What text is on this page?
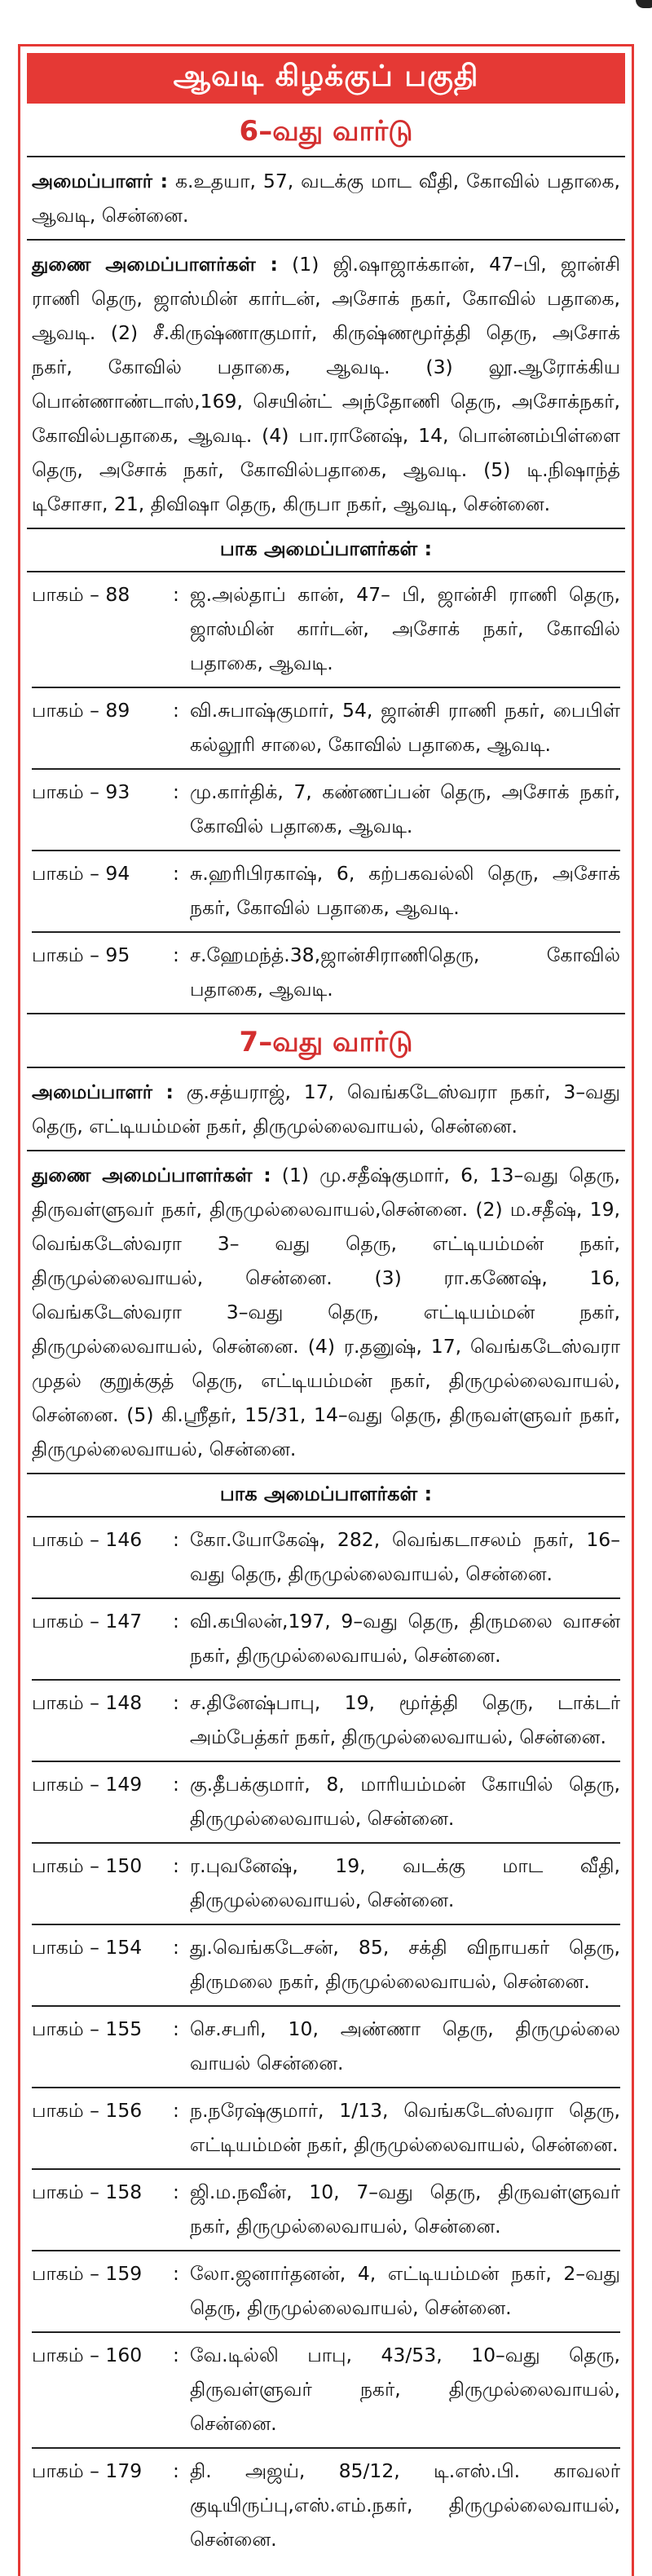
ஆவடி கிழக்குப் பகுதி
6–வது வார்டு

அமைப்பாளர் : க.உதயா, 57, வடக்கு மாட வீதி, கோவில் பதாகை, ஆவடி, சென்னை.

துணை அமைப்பாளர்கள் : (1) ஜி.ஷாஜாக்கான், 47–பி, ஜான்சி ராணி தெரு, ஜாஸ்மின் கார்டன், அசோக் நகர், கோவில் பதாகை, ஆவடி. (2) சீ.கிருஷ்ணாகுமார், கிருஷ்ணமூர்த்தி தெரு, அசோக் நகர், கோவில் பதாகை, ஆவடி. (3) லூ.ஆரோக்கிய பொன்ணாண்டாஸ்,169, செயின்ட் அந்தோணி தெரு, அசோக்நகர், கோவில்பதாகை, ஆவடி. (4) பா.ரானேஷ், 14, பொன்னம்பிள்ளை தெரு, அசோக் நகர், கோவில்பதாகை, ஆவடி. (5) டி.நிஷாந்த் டிசோசா, 21, திவிஷா தெரு, கிருபா நகர், ஆவடி, சென்னை.

பாக அமைப்பாளர்கள் :
பாகம் – 88	: ஜ.அல்தாப் கான், 47– பி, ஜான்சி ராணி தெரு, ஜாஸ்மின் கார்டன், அசோக் நகர், கோவில் பதாகை, ஆவடி.
பாகம் – 89	: வி.சுபாஷ்குமார், 54, ஜான்சி ராணி நகர், பைபிள் கல்லூரி சாலை, கோவில் பதாகை, ஆவடி.
பாகம் – 93	: மு.கார்திக், 7, கண்ணப்பன் தெரு, அசோக் நகர், கோவில் பதாகை, ஆவடி.
பாகம் – 94	: சு.ஹரிபிரகாஷ், 6, கற்பகவல்லி தெரு, அசோக் நகர், கோவில் பதாகை, ஆவடி.
பாகம் – 95	: ச.ஹேமந்த்.38,ஜான்சிராணிதெரு, கோவில் பதாகை, ஆவடி.
7–வது வார்டு

அமைப்பாளர் : கு.சத்யராஜ், 17, வெங்கடேஸ்வரா நகர், 3–வது தெரு, எட்டியம்மன் நகர், திருமுல்லைவாயல், சென்னை.

துணை அமைப்பாளர்கள் : (1) மு.சதீஷ்குமார், 6, 13–வது தெரு, திருவள்ளுவர் நகர், திருமுல்லைவாயல்,சென்னை. (2) ம.சதீஷ், 19, வெங்கடேஸ்வரா 3– வது தெரு, எட்டியம்மன் நகர், திருமுல்லைவாயல், சென்னை. (3) ரா.கணேஷ், 16, வெங்கடேஸ்வரா 3–வது தெரு, எட்டியம்மன் நகர், திருமுல்லைவாயல், சென்னை. (4) ர.தனுஷ், 17, வெங்கடேஸ்வரா முதல் குறுக்குத் தெரு, எட்டியம்மன் நகர், திருமுல்லைவாயல், சென்னை. (5) கி.ஸ்ரீதர், 15/31, 14–வது தெரு, திருவள்ளுவர் நகர், திருமுல்லைவாயல், சென்னை.

பாக அமைப்பாளர்கள் :
பாகம் – 146	: கோ.யோகேஷ், 282, வெங்கடாசலம் நகர், 16–வது தெரு, திருமுல்லைவாயல், சென்னை.
பாகம் – 147	: வி.கபிலன்,197, 9–வது தெரு, திருமலை வாசன் நகர், திருமுல்லைவாயல், சென்னை.
பாகம் – 148	: ச.தினேஷ்பாபு, 19, மூர்த்தி தெரு, டாக்டர் அம்பேத்கர் நகர், திருமுல்லைவாயல், சென்னை.
பாகம் – 149	: கு.தீபக்குமார், 8, மாரியம்மன் கோயில் தெரு, திருமுல்லைவாயல், சென்னை.
பாகம் – 150	: ர.புவனேஷ், 19, வடக்கு மாட வீதி, திருமுல்லைவாயல், சென்னை.
பாகம் – 154	: து.வெங்கடேசன், 85, சக்தி விநாயகர் தெரு, திருமலை நகர், திருமுல்லைவாயல், சென்னை.
பாகம் – 155	: செ.சபரி, 10, அண்ணா தெரு, திருமுல்லை வாயல் சென்னை.
பாகம் – 156	: ந.நரேஷ்குமார், 1/13, வெங்கடேஸ்வரா தெரு, எட்டியம்மன் நகர், திருமுல்லைவாயல், சென்னை.
பாகம் – 158	: ஜி.ம.நவீன், 10, 7–வது தெரு, திருவள்ளுவர் நகர், திருமுல்லைவாயல், சென்னை.
பாகம் – 159	: லோ.ஜனார்தனன், 4, எட்டியம்மன் நகர், 2–வது தெரு, திருமுல்லைவாயல், சென்னை.
பாகம் – 160	: வே.டில்லி பாபு, 43/53, 10–வது தெரு, திருவள்ளுவர் நகர், திருமுல்லைவாயல், சென்னை.
பாகம் – 179	: தி. அஜய், 85/12, டி.எஸ்.பி. காவலர் குடியிருப்பு,எஸ்.எம்.நகர், திருமுல்லைவாயல், சென்னை.
